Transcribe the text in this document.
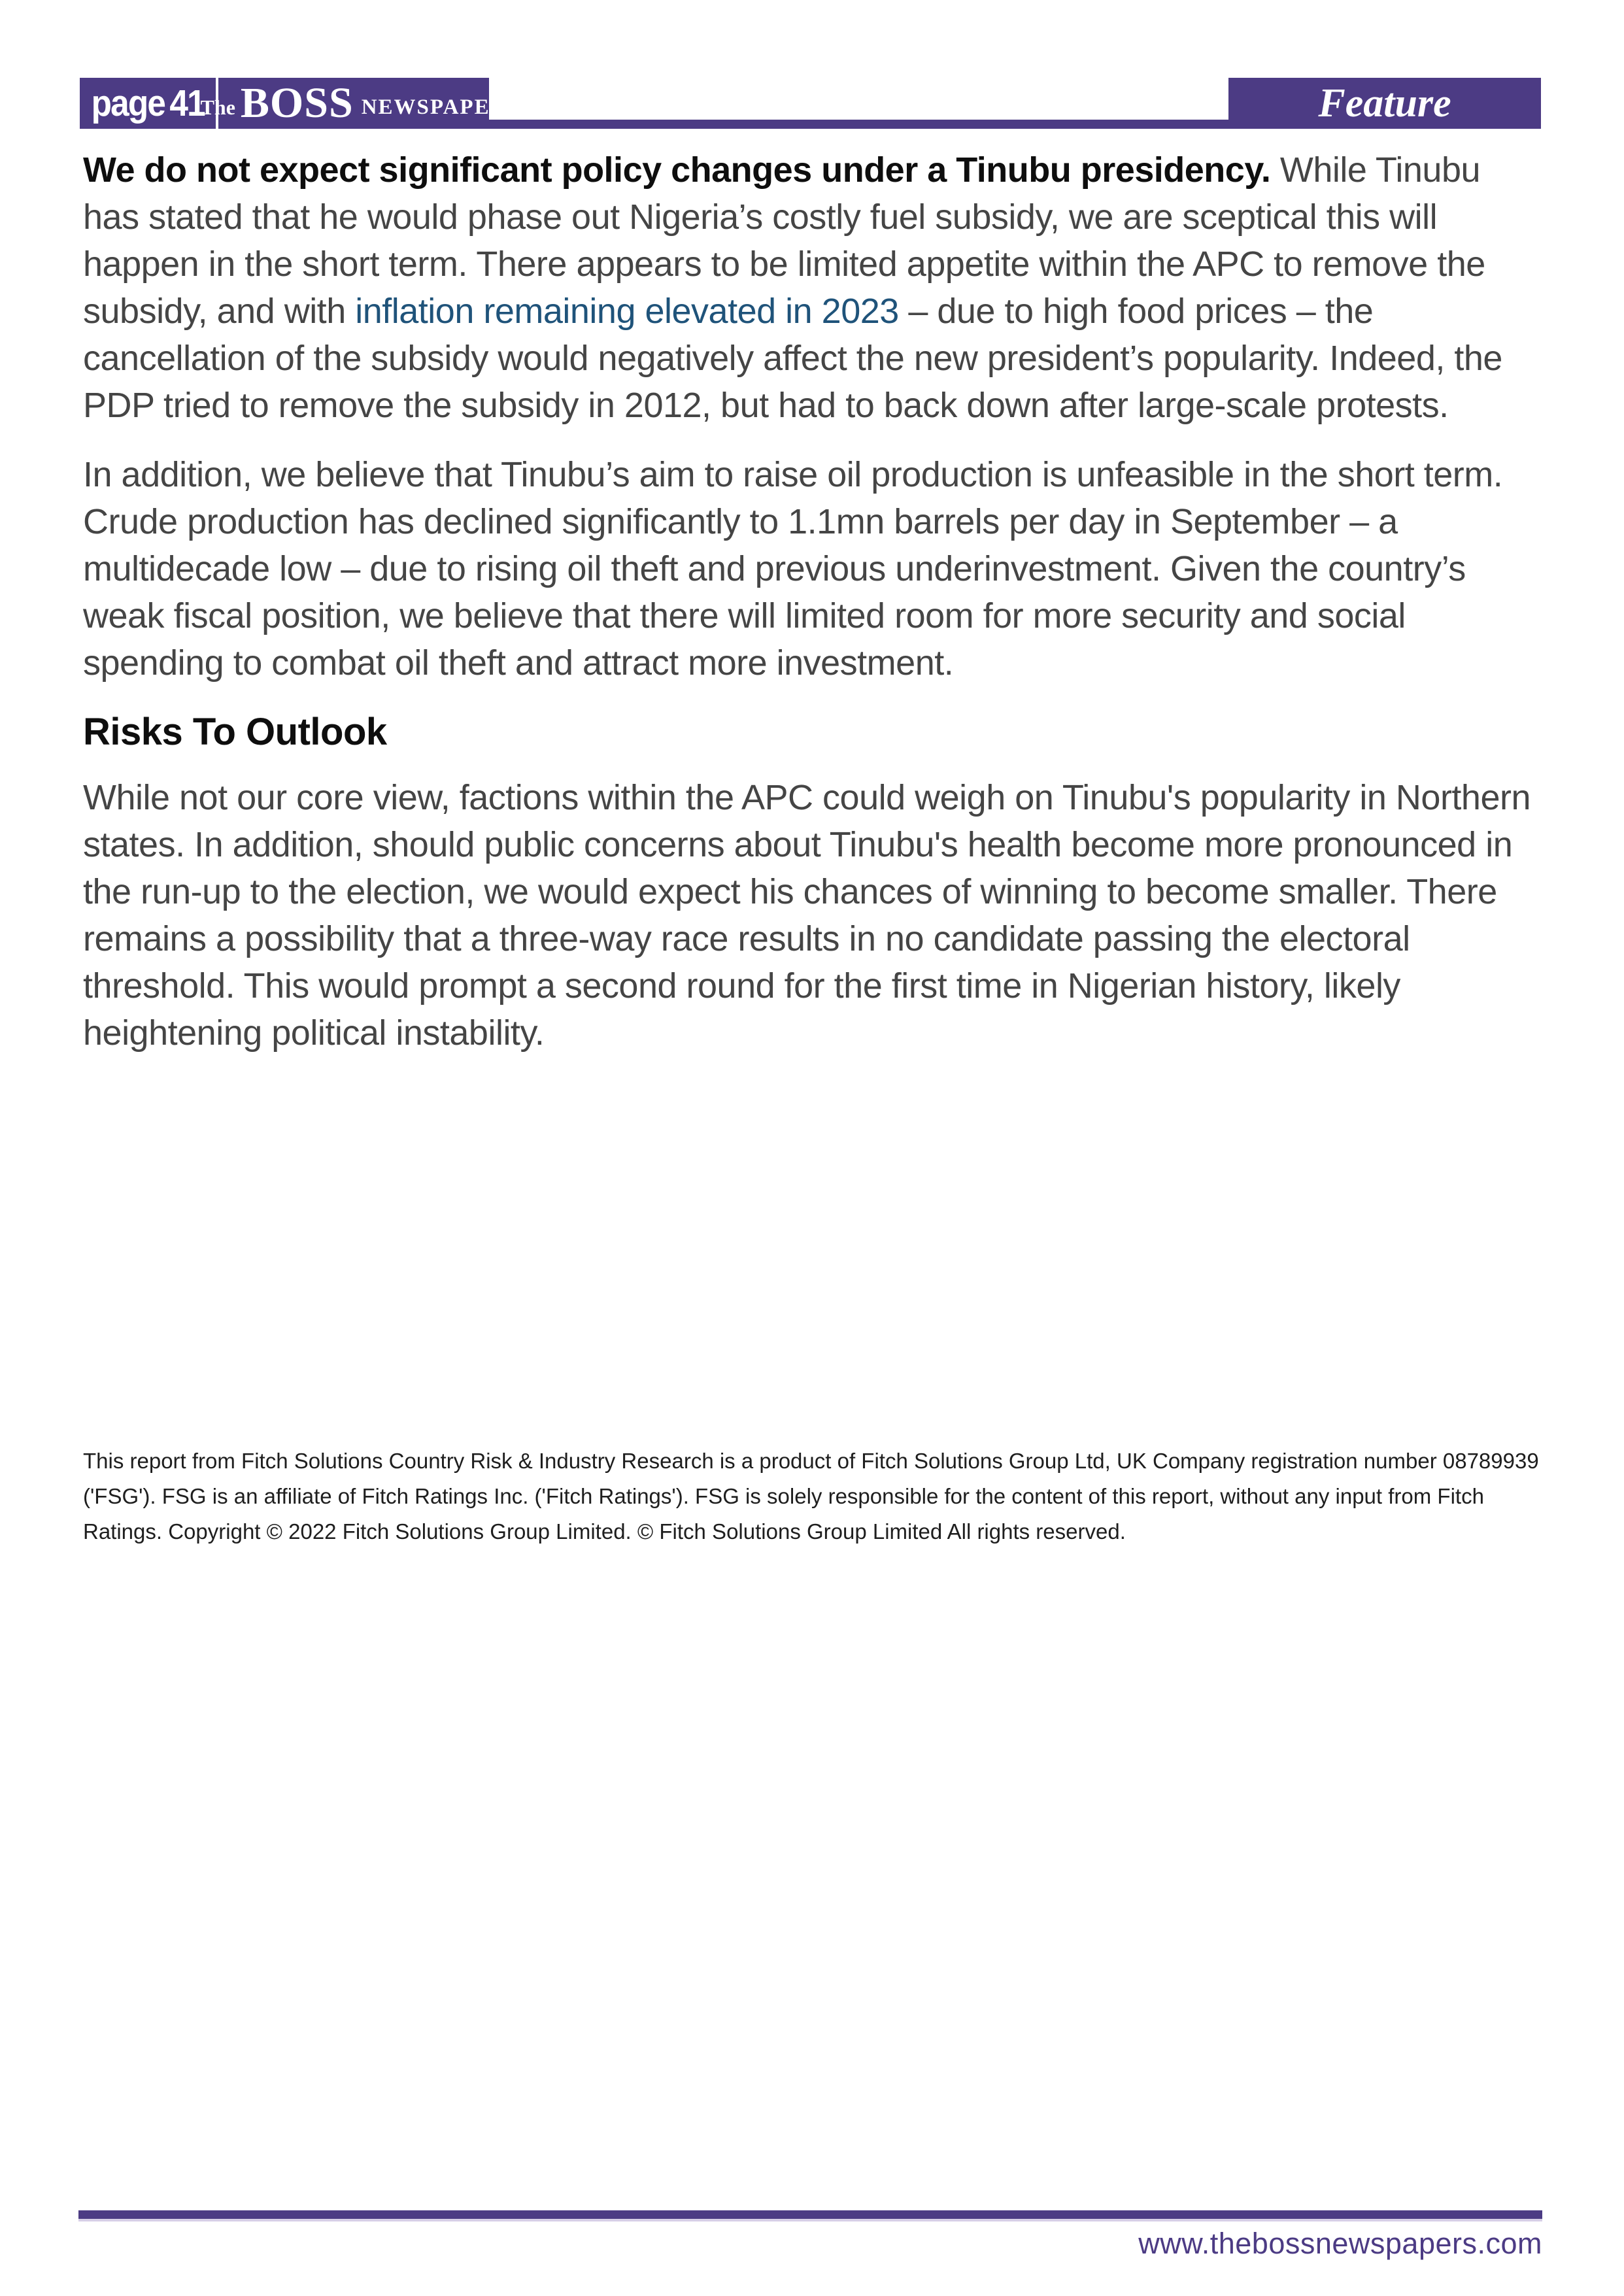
page 41
The BOSS NEWSPAPER	Feature

We do not expect significant policy changes under a Tinubu presidency. While Tinubu has stated that he would phase out Nigeria’s costly fuel subsidy, we are sceptical this will happen in the short term. There appears to be limited appetite within the APC to remove the subsidy, and with inflation remaining elevated in 2023 – due to high food prices – the cancellation of the subsidy would negatively affect the new president’s popularity. Indeed, the PDP tried to remove the subsidy in 2012, but had to back down after large-scale protests.

In addition, we believe that Tinubu’s aim to raise oil production is unfeasible in the short term. Crude production has declined significantly to 1.1mn barrels per day in September – a multidecade low – due to rising oil theft and previous underinvestment. Given the country’s weak fiscal position, we believe that there will limited room for more security and social spending to combat oil theft and attract more investment.

Risks To Outlook

While not our core view, factions within the APC could weigh on Tinubu's popularity in Northern states. In addition, should public concerns about Tinubu's health become more pronounced in the run-up to the election, we would expect his chances of winning to become smaller. There remains a possibility that a three-way race results in no candidate passing the electoral threshold. This would prompt a second round for the first time in Nigerian history, likely heightening political instability.

This report from Fitch Solutions Country Risk & Industry Research is a product of Fitch Solutions Group Ltd, UK Company registration number 08789939 ('FSG'). FSG is an affiliate of Fitch Ratings Inc. ('Fitch Ratings'). FSG is solely responsible for the content of this report, without any input from Fitch Ratings. Copyright © 2022 Fitch Solutions Group Limited. © Fitch Solutions Group Limited All rights reserved.
www.thebossnewspapers.com
